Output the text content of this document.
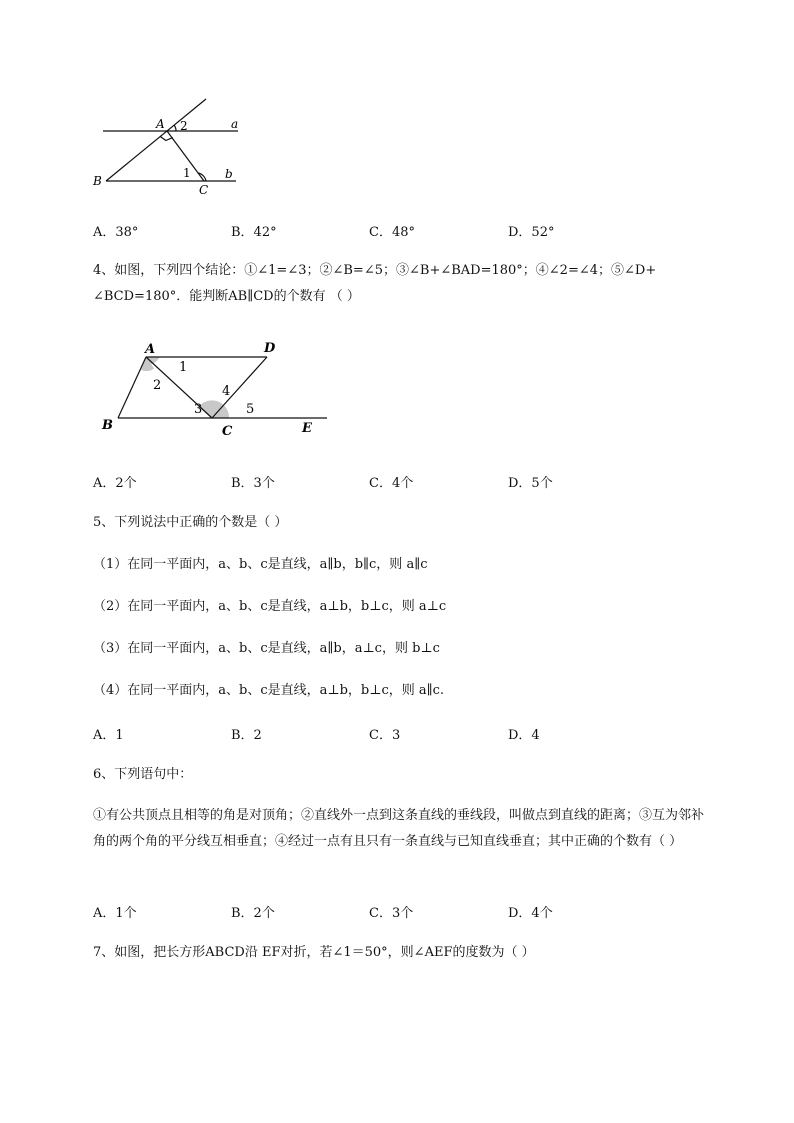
A 2	a
1	b
B
C
A．38°	B．42°	C．48°	D．52°
4、如图，下列四个结论：①∠1=∠3；②∠B=∠5；③∠B+∠BAD=180°；④∠2=∠4；⑤∠D+
∠BCD=180°．能判断AB∥CD的个数有 （ ）
A	D
1
2	4
3	5
B	C	E
A．2个	B．3个	C．4个	D．5个
5、下列说法中正确的个数是（ ）
（1）在同一平面内，a、b、c是直线，a∥b，b∥c，则 a∥c
（2）在同一平面内，a、b、c是直线，a⊥b，b⊥c，则 a⊥c
（3）在同一平面内，a、b、c是直线，a∥b，a⊥c，则 b⊥c
（4）在同一平面内，a、b、c是直线，a⊥b，b⊥c，则 a∥c.
A．1	B．2	C．3	D．4
6、下列语句中：
①有公共顶点且相等的角是对顶角；②直线外一点到这条直线的垂线段，叫做点到直线的距离；③互为邻补角的两个角的平分线互相垂直；④经过一点有且只有一条直线与已知直线垂直；其中正确的个数有（ ）
A．1个	B．2个	C．3个	D．4个
7、如图，把长方形ABCD沿 EF对折，若∠1＝50°，则∠AEF的度数为（ ）
